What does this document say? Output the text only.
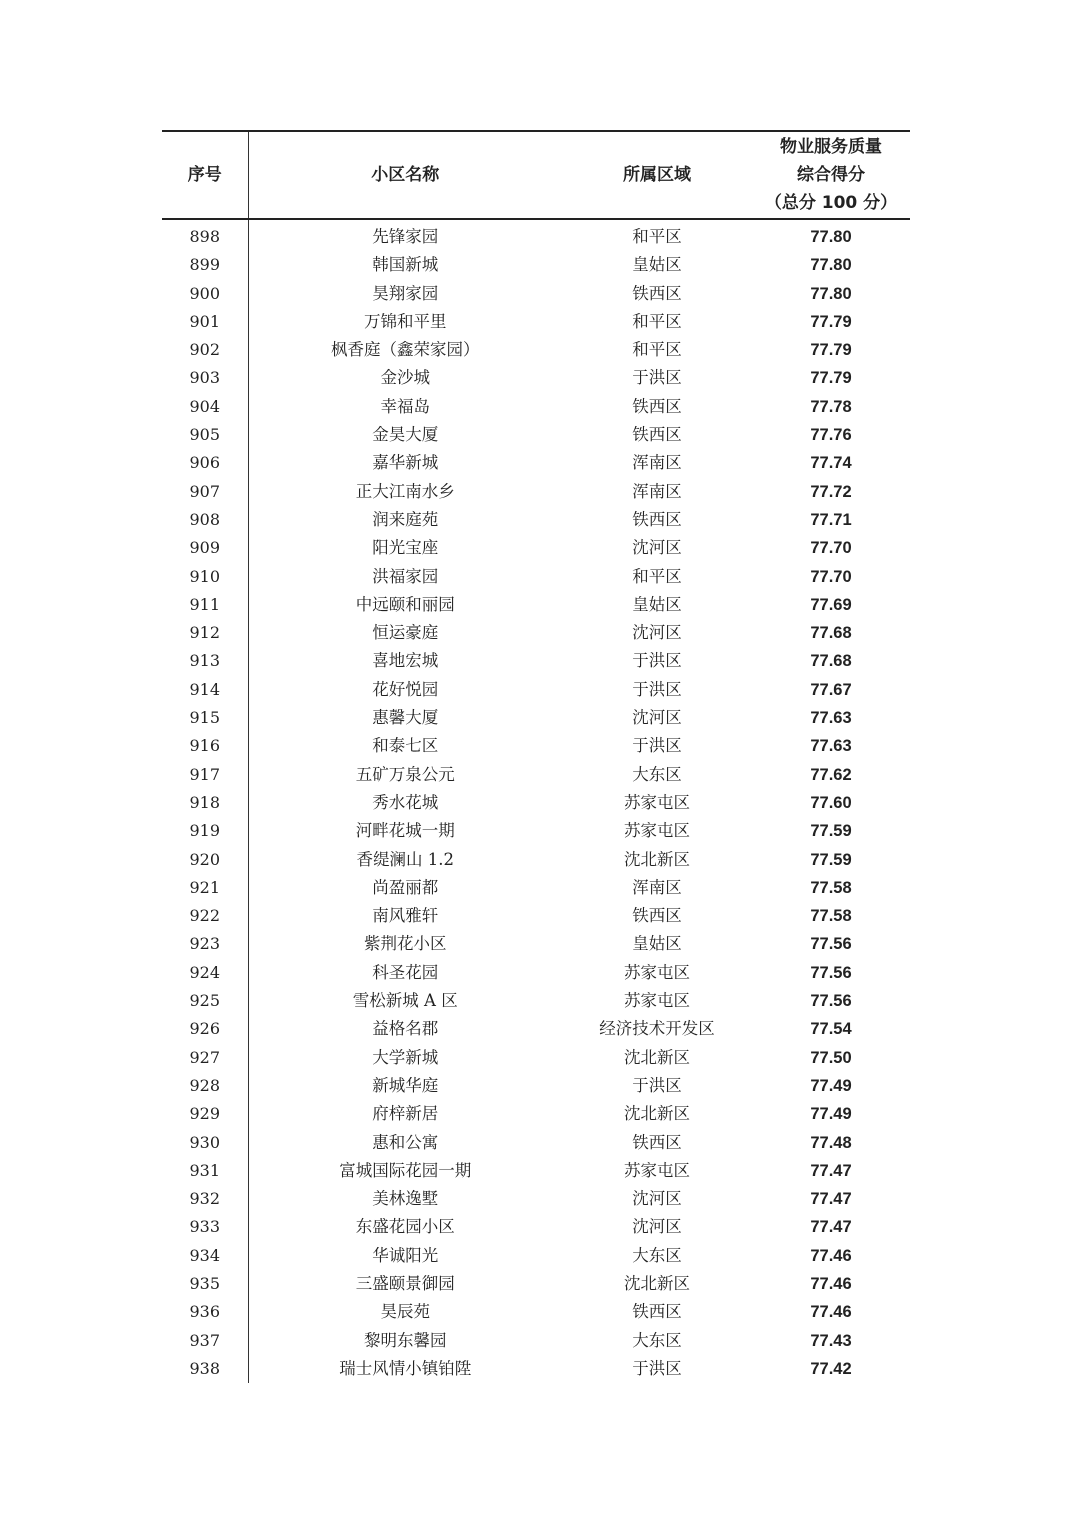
序号	小区名称	所属区域	物业服务质量
综合得分
（总分 100 分）

898	先锋家园	和平区	77.80
899	韩国新城	皇姑区	77.80
900	昊翔家园	铁西区	77.80
901	万锦和平里	和平区	77.79
902	枫香庭（鑫荣家园）	和平区	77.79
903	金沙城	于洪区	77.79
904	幸福岛	铁西区	77.78
905	金昊大厦	铁西区	77.76
906	嘉华新城	浑南区	77.74
907	正大江南水乡	浑南区	77.72
908	润来庭苑	铁西区	77.71
909	阳光宝座	沈河区	77.70
910	洪福家园	和平区	77.70
911	中远颐和丽园	皇姑区	77.69
912	恒运豪庭	沈河区	77.68
913	喜地宏城	于洪区	77.68
914	花好悦园	于洪区	77.67
915	惠馨大厦	沈河区	77.63
916	和泰七区	于洪区	77.63
917	五矿万泉公元	大东区	77.62
918	秀水花城	苏家屯区	77.60
919	河畔花城一期	苏家屯区	77.59
920	香缇澜山 1.2	沈北新区	77.59
921	尚盈丽都	浑南区	77.58
922	南风雅轩	铁西区	77.58
923	紫荆花小区	皇姑区	77.56
924	科圣花园	苏家屯区	77.56
925	雪松新城 A 区	苏家屯区	77.56
926	益格名郡	经济技术开发区	77.54
927	大学新城	沈北新区	77.50
928	新城华庭	于洪区	77.49
929	府梓新居	沈北新区	77.49
930	惠和公寓	铁西区	77.48
931	富城国际花园一期	苏家屯区	77.47
932	美林逸墅	沈河区	77.47
933	东盛花园小区	沈河区	77.47
934	华诚阳光	大东区	77.46
935	三盛颐景御园	沈北新区	77.46
936	昊辰苑	铁西区	77.46
937	黎明东馨园	大东区	77.43
938	瑞士风情小镇铂陞	于洪区	77.42
